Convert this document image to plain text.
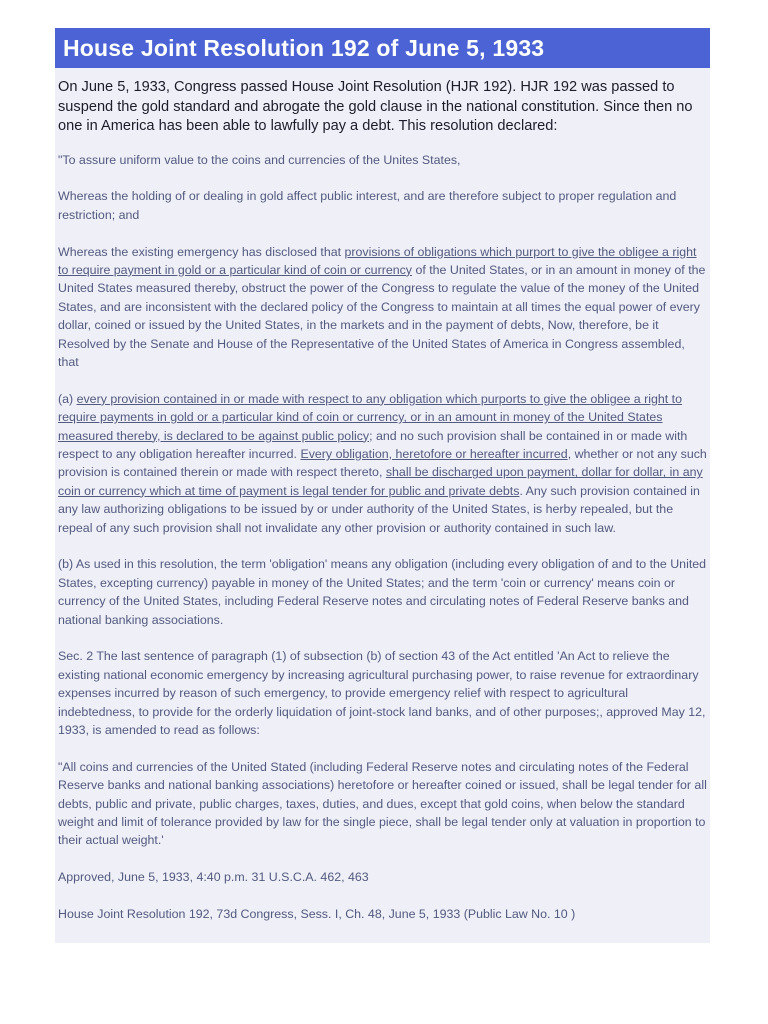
House Joint Resolution 192 of June 5, 1933
On June 5, 1933, Congress passed House Joint Resolution (HJR 192). HJR 192 was passed to suspend the gold standard and abrogate the gold clause in the national constitution. Since then no one in America has been able to lawfully pay a debt. This resolution declared:

"To assure uniform value to the coins and currencies of the Unites States,

Whereas the holding of or dealing in gold affect public interest, and are therefore subject to proper regulation and restriction; and

Whereas the existing emergency has disclosed that provisions of obligations which purport to give the obligee a right to require payment in gold or a particular kind of coin or currency of the United States, or in an amount in money of the United States measured thereby, obstruct the power of the Congress to regulate the value of the money of the United States, and are inconsistent with the declared policy of the Congress to maintain at all times the equal power of every dollar, coined or issued by the United States, in the markets and in the payment of debts, Now, therefore, be it Resolved by the Senate and House of the Representative of the United States of America in Congress assembled, that

(a) every provision contained in or made with respect to any obligation which purports to give the obligee a right to require payments in gold or a particular kind of coin or currency, or in an amount in money of the United States measured thereby, is declared to be against public policy; and no such provision shall be contained in or made with respect to any obligation hereafter incurred. Every obligation, heretofore or hereafter incurred, whether or not any such provision is contained therein or made with respect thereto, shall be discharged upon payment, dollar for dollar, in any coin or currency which at time of payment is legal tender for public and private debts. Any such provision contained in any law authorizing obligations to be issued by or under authority of the United States, is herby repealed, but the repeal of any such provision shall not invalidate any other provision or authority contained in such law.

(b) As used in this resolution, the term 'obligation' means any obligation (including every obligation of and to the United States, excepting currency) payable in money of the United States; and the term 'coin or currency' means coin or currency of the United States, including Federal Reserve notes and circulating notes of Federal Reserve banks and national banking associations.

Sec. 2 The last sentence of paragraph (1) of subsection (b) of section 43 of the Act entitled 'An Act to relieve the existing national economic emergency by increasing agricultural purchasing power, to raise revenue for extraordinary expenses incurred by reason of such emergency, to provide emergency relief with respect to agricultural indebtedness, to provide for the orderly liquidation of joint-stock land banks, and of other purposes;, approved May 12, 1933, is amended to read as follows:

"All coins and currencies of the United Stated (including Federal Reserve notes and circulating notes of the Federal Reserve banks and national banking associations) heretofore or hereafter coined or issued, shall be legal tender for all debts, public and private, public charges, taxes, duties, and dues, except that gold coins, when below the standard weight and limit of tolerance provided by law for the single piece, shall be legal tender only at valuation in proportion to their actual weight.'

Approved, June 5, 1933, 4:40 p.m. 31 U.S.C.A. 462, 463

House Joint Resolution 192, 73d Congress, Sess. I, Ch. 48, June 5, 1933 (Public Law No. 10 )
